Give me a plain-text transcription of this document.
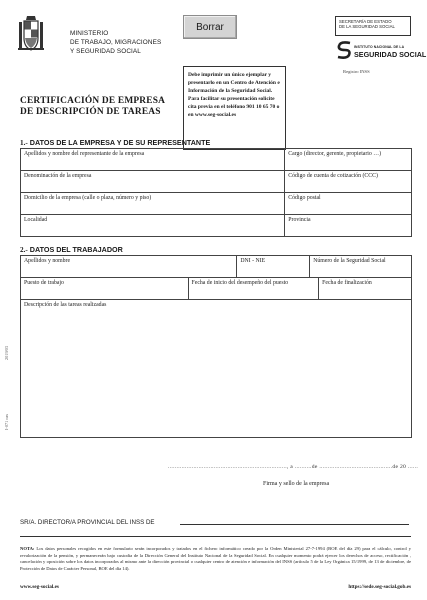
MINISTERIO
DE TRABAJO, MIGRACIONES
Y SEGURIDAD SOCIAL
Borrar	SECRETARÍA DE ESTADO
DE LA SEGURIDAD SOCIAL
INSTITUTO NACIONAL DE LA
SEGURIDAD SOCIAL
Registro INSS
Debe imprimir un único ejemplar y presentarlo en un Centro de Atención e Información de la Seguridad Social. Para facilitar su presentación solicite cita previa en el teléfono 901 10 65 70 o en www.seg-social.es
CERTIFICACIÓN DE EMPRESA
DE DESCRIPCIÓN DE TAREAS
1.- DATOS DE LA EMPRESA Y DE SU REPRESENTANTE
Apellidos y nombre del representante de la empresa	Cargo (director, gerente, propietario …)
Denominación de la empresa	Código de cuenta de cotización (CCC)
Domicilio de la empresa (calle o plaza, número y piso)	Código postal
Localidad	Provincia
2.- DATOS DEL TRABAJADOR
Apellidos y nombre		DNI - NIE	Número de la Seguridad Social	
Puesto de trabajo	Fecha de inicio del desempeño del puesto			Fecha de finalización
Descripción de las tareas realizadas				
2019/03
I-071 cas
......................................................................, a ..........de ...........................................de 20 ......
Firma y sello de la empresa
SR/A. DIRECTOR/A PROVINCIAL DEL INSS DE
NOTA: Los datos personales recogidos en este formulario serán incorporados y tratados en el fichero informático creado por la Orden Ministerial 27-7-1994 (BOE del día 29) para el cálculo, control y revalorización de la pensión, y permanecerán bajo custodia de la Dirección General del Instituto Nacional de la Seguridad Social. En cualquier momento podrá ejercer los derechos de acceso, rectificación , cancelación y oposición sobre los datos incorporados al mismo ante la dirección provincial o cualquier centro de atención e información del INSS (artículo 5 de la Ley Orgánica 15/1999, de 13 de diciembre, de Protección de Datos de Carácter Personal, BOE del día 14).
www.seg-social.es	https://sede.seg-social.gob.es
